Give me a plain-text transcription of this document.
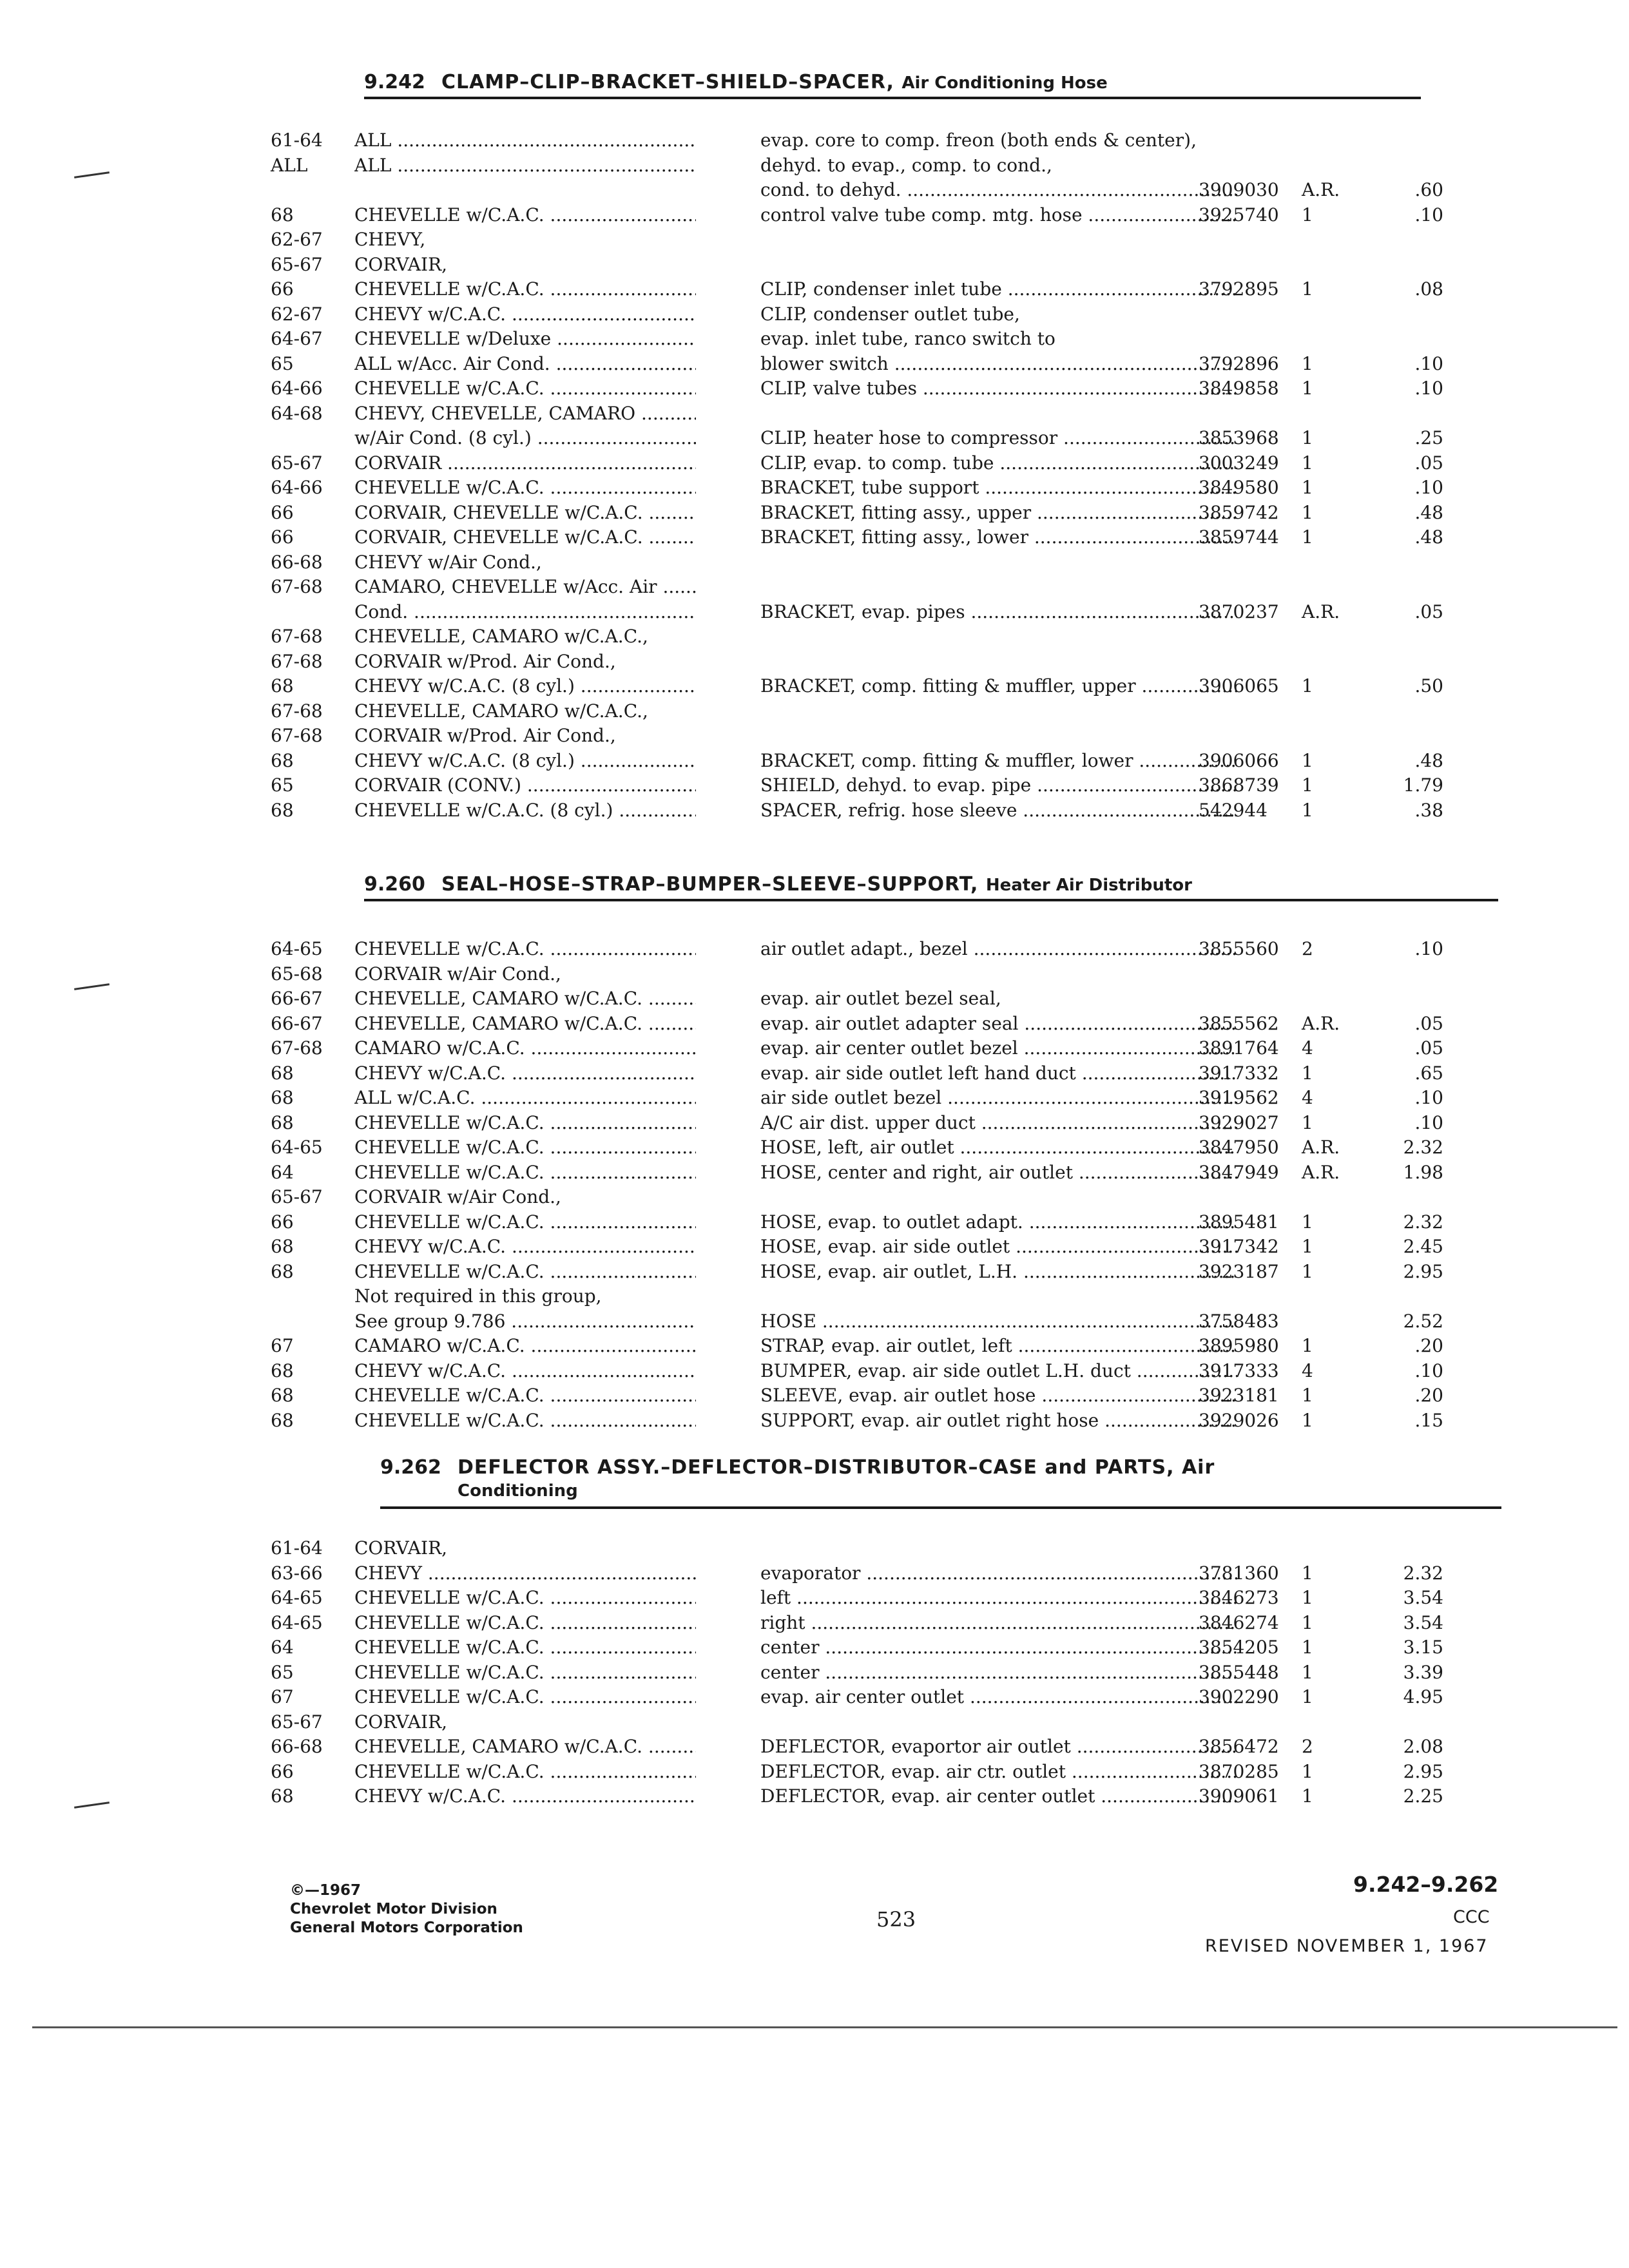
9.242 CLAMP–CLIP–BRACKET–SHIELD–SPACER, Air Conditioning Hose
61-64	ALL .....	evap. core to comp. freon (both ends & center),
ALL	ALL .....	dehyd. to evap., comp. to cond.,
cond. to dehyd. .....	3909030	A.R.	.60
68	CHEVELLE w/C.A.C. .....	control valve tube comp. mtg. hose .....	3925740	1	.10
62-67	CHEVY,
65-67	CORVAIR,
66	CHEVELLE w/C.A.C. .....	CLIP, condenser inlet tube .....	3792895	1	.08
62-67	CHEVY w/C.A.C. .....	CLIP, condenser outlet tube,
64-67	CHEVELLE w/Deluxe .....	evap. inlet tube, ranco switch to
65	ALL w/Acc. Air Cond. .....	blower switch .....	3792896	1	.10
64-66	CHEVELLE w/C.A.C. .....	CLIP, valve tubes .....	3849858	1	.10
64-68	CHEVY, CHEVELLE, CAMARO .....
w/Air Cond. (8 cyl.) .....	CLIP, heater hose to compressor .....	3853968	1	.25
65-67	CORVAIR .....	CLIP, evap. to comp. tube .....	3003249	1	.05
64-66	CHEVELLE w/C.A.C. .....	BRACKET, tube support .....	3849580	1	.10
66	CORVAIR, CHEVELLE w/C.A.C. .....	BRACKET, fitting assy., upper .....	3859742	1	.48
66	CORVAIR, CHEVELLE w/C.A.C. .....	BRACKET, fitting assy., lower .....	3859744	1	.48
66-68	CHEVY w/Air Cond.,
67-68	CAMARO, CHEVELLE w/Acc. Air .....
Cond. .....	BRACKET, evap. pipes .....	3870237	A.R.	.05
67-68	CHEVELLE, CAMARO w/C.A.C.,
67-68	CORVAIR w/Prod. Air Cond.,
68	CHEVY w/C.A.C. (8 cyl.) .....	BRACKET, comp. fitting & muffler, upper .....	3906065	1	.50
67-68	CHEVELLE, CAMARO w/C.A.C.,
67-68	CORVAIR w/Prod. Air Cond.,
68	CHEVY w/C.A.C. (8 cyl.) .....	BRACKET, comp. fitting & muffler, lower .....	3906066	1	.48
65	CORVAIR (CONV.) .....	SHIELD, dehyd. to evap. pipe .....	3868739	1	1.79
68	CHEVELLE w/C.A.C. (8 cyl.) .....	SPACER, refrig. hose sleeve .....	542944	1	.38
9.260 SEAL–HOSE–STRAP–BUMPER–SLEEVE–SUPPORT, Heater Air Distributor
64-65	CHEVELLE w/C.A.C. .....	air outlet adapt., bezel .....	3855560	2	.10
65-68	CORVAIR w/Air Cond.,
66-67	CHEVELLE, CAMARO w/C.A.C. .....	evap. air outlet bezel seal,
66-67	CHEVELLE, CAMARO w/C.A.C. .....	evap. air outlet adapter seal .....	3855562	A.R.	.05
67-68	CAMARO w/C.A.C. .....	evap. air center outlet bezel .....	3891764	4	.05
68	CHEVY w/C.A.C. .....	evap. air side outlet left hand duct .....	3917332	1	.65
68	ALL w/C.A.C. .....	air side outlet bezel .....	3919562	4	.10
68	CHEVELLE w/C.A.C. .....	A/C air dist. upper duct .....	3929027	1	.10
64-65	CHEVELLE w/C.A.C. .....	HOSE, left, air outlet .....	3847950	A.R.	2.32
64	CHEVELLE w/C.A.C. .....	HOSE, center and right, air outlet .....	3847949	A.R.	1.98
65-67	CORVAIR w/Air Cond.,
66	CHEVELLE w/C.A.C. .....	HOSE, evap. to outlet adapt. .....	3895481	1	2.32
68	CHEVY w/C.A.C. .....	HOSE, evap. air side outlet .....	3917342	1	2.45
68	CHEVELLE w/C.A.C. .....	HOSE, evap. air outlet, L.H. .....	3923187	1	2.95
Not required in this group,
See group 9.786 .....	HOSE .....	3758483	2.52
67	CAMARO w/C.A.C. .....	STRAP, evap. air outlet, left .....	3895980	1	.20
68	CHEVY w/C.A.C. .....	BUMPER, evap. air side outlet L.H. duct .....	3917333	4	.10
68	CHEVELLE w/C.A.C. .....	SLEEVE, evap. air outlet hose .....	3923181	1	.20
68	CHEVELLE w/C.A.C. .....	SUPPORT, evap. air outlet right hose .....	3929026	1	.15
9.262 DEFLECTOR ASSY.–DEFLECTOR–DISTRIBUTOR–CASE and PARTS, Air
Conditioning
61-64	CORVAIR,
63-66	CHEVY .....	evaporator .....	3781360	1	2.32
64-65	CHEVELLE w/C.A.C. .....	left .....	3846273	1	3.54
64-65	CHEVELLE w/C.A.C. .....	right .....	3846274	1	3.54
64	CHEVELLE w/C.A.C. .....	center .....	3854205	1	3.15
65	CHEVELLE w/C.A.C. .....	center .....	3855448	1	3.39
67	CHEVELLE w/C.A.C. .....	evap. air center outlet .....	3902290	1	4.95
65-67	CORVAIR,
66-68	CHEVELLE, CAMARO w/C.A.C. .....	DEFLECTOR, evaportor air outlet .....	3856472	2	2.08
66	CHEVELLE w/C.A.C. .....	DEFLECTOR, evap. air ctr. outlet .....	3870285	1	2.95
68	CHEVY w/C.A.C. .....	DEFLECTOR, evap. air center outlet .....	3909061	1	2.25
©—1967
Chevrolet Motor Division
General Motors Corporation	523
9.242–9.262
CCC
REVISED NOVEMBER 1, 1967
